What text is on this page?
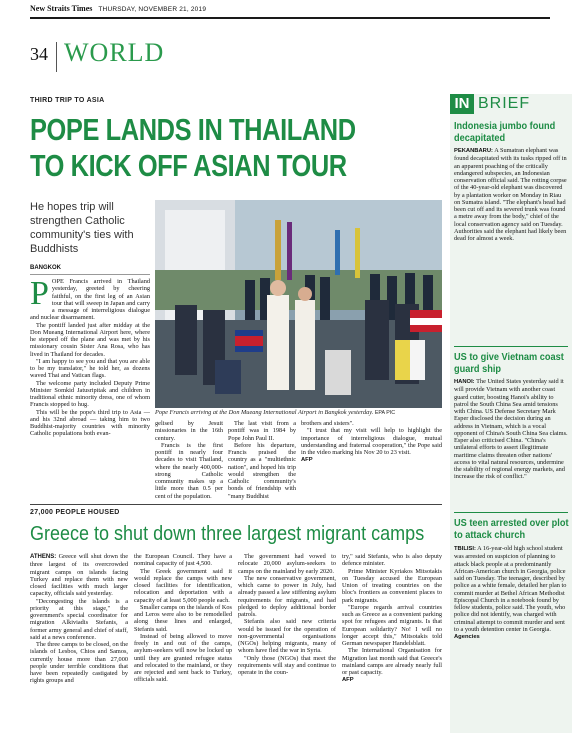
New Straits Times THURSDAY, NOVEMBER 21, 2019
34 WORLD
THIRD TRIP TO ASIA
POPE LANDS IN THAILAND
TO KICK OFF ASIAN TOUR
He hopes trip will strengthen Catholic community's ties with Buddhists
BANGKOK

POPE Francis arrived in Thailand yesterday, greeted by cheering faithful, on the first leg of an Asian tour that will sweep in Japan and carry a message of interreligious dialogue and nuclear disarmament.

The pontiff landed just after midday at the Don Mueang International Airport here, where he stepped off the plane and was met by his missionary cousin Sister Ana Rosa, who has lived in Thailand for decades.

"I am happy to see you and that you are able to be my translator," he told her, as dozens waved Thai and Vatican flags.

The welcome party included Deputy Prime Minister Somkid Jatusripitak and children in traditional ethnic minority dress, one of whom Francis stopped to hug.

This will be the pope's third trip to Asia — and his 32nd abroad — taking him to two Buddhist-majority countries with minority Catholic populations both evan-

Pope Francis arriving at the Don Mueang International Airport in Bangkok yesterday. EPA PIC

gelised by Jesuit missionaries in the 16th century.

Francis is the first pontiff in nearly four decades to visit Thailand, where the nearly 400,000-strong Catholic community makes up a little more than 0.5 per cent of the population.

The last visit from a pontiff was in 1984 by Pope John Paul II.

Before his departure, Francis praised the country as a "multiethnic nation", and hoped his trip would strengthen the Catholic community's bonds of friendship with "many Buddhist

brothers and sisters".

"I trust that my visit will help to highlight the importance of interreligious dialogue, mutual understanding and fraternal cooperation," the Pope said in the video marking his Nov 20 to 23 visit.

AFP
27,000 PEOPLE HOUSED
Greece to shut down three largest migrant camps

ATHENS: Greece will shut down the three largest of its overcrowded migrant camps on islands facing Turkey and replace them with new closed facilities with much larger capacity, officials said yesterday.

"Decongesting the islands is a priority at this stage," the government's special coordinator for migration Alkiviadis Stefanis, a former army general and chief of staff, said at a news conference.

The three camps to be closed, on the islands of Lesbos, Chios and Samos, currently house more than 27,000 people under terrible conditions that have been repeatedly castigated by rights groups and

the European Council. They have a nominal capacity of just 4,500.

The Greek government said it would replace the camps with new closed facilities for identification, relocation and deportation with a capacity of at least 5,000 people each.

Smaller camps on the islands of Kos and Leros were also to be remodelled along these lines and enlarged, Stefanis said.

Instead of being allowed to move freely in and out of the camps, asylum-seekers will now be locked up until they are granted refugee status and relocated to the mainland, or they are rejected and sent back to Turkey, officials said.

The government had vowed to relocate 20,000 asylum-seekers to camps on the mainland by early 2020.

The new conservative government, which came to power in July, had already passed a law stiffening asylum requirements for migrants, and had pledged to deploy additional border patrols.

Stefanis also said new criteria would be issued for the operation of non-governmental organisations (NGOs) helping migrants, many of whom have fled the war in Syria.

"Only those (NGOs) that meet the requirements will stay and continue to operate in the coun-

try," said Stefanis, who is also deputy defence minister.

Prime Minister Kyriakos Mitsotakis on Tuesday accused the European Union of treating countries on the bloc's frontiers as convenient places to park migrants.

"Europe regards arrival countries such as Greece as a convenient parking spot for refugees and migrants. Is that European solidarity? No! I will no longer accept this," Mitsotakis told German newspaper Handelsblatt.

The International Organisation for Migration last month said that Greece's mainland camps are already nearly full or past capacity.

AFP
IN BRIEF
Indonesia jumbo found decapitated
PEKANBARU: A Sumatran elephant was found decapitated with its tusks ripped off in an apparent poaching of the critically endangered subspecies, an Indonesian conservation official said. The rotting corpse of the 40-year-old elephant was discovered by a plantation worker on Monday in Riau on Sumatra island. "The elephant's head had been cut off and its severed trunk was found a metre away from the body," chief of the local conservation agency said on Tuesday. Authorities said the elephant had likely been dead for almost a week.
US to give Vietnam coast guard ship
HANOI: The United States yesterday said it will provide Vietnam with another coast guard cutter, boosting Hanoi's ability to patrol the South China Sea amid tensions with China. US Defense Secretary Mark Esper disclosed the decision during an address in Vietnam, which is a vocal opponent of China's South China Sea claims. Esper also criticised China. "China's unilateral efforts to assert illegitimate maritime claims threaten other nations' access to vital natural resources, undermine the stability of regional energy markets, and increase the risk of conflict."
US teen arrested over plot to attack church
TBILISI: A 16-year-old high school student was arrested on suspicion of planning to attack black people at a predominantly African-American church in Georgia, police said on Tuesday. The teenager, described by police as a white female, detailed her plan to commit murder at Bethel African Methodist Episcopal Church in a notebook found by fellow students, police said. The youth, who police did not identify, was charged with criminal attempt to commit murder and sent to a youth detention center in Georgia. Agencies
